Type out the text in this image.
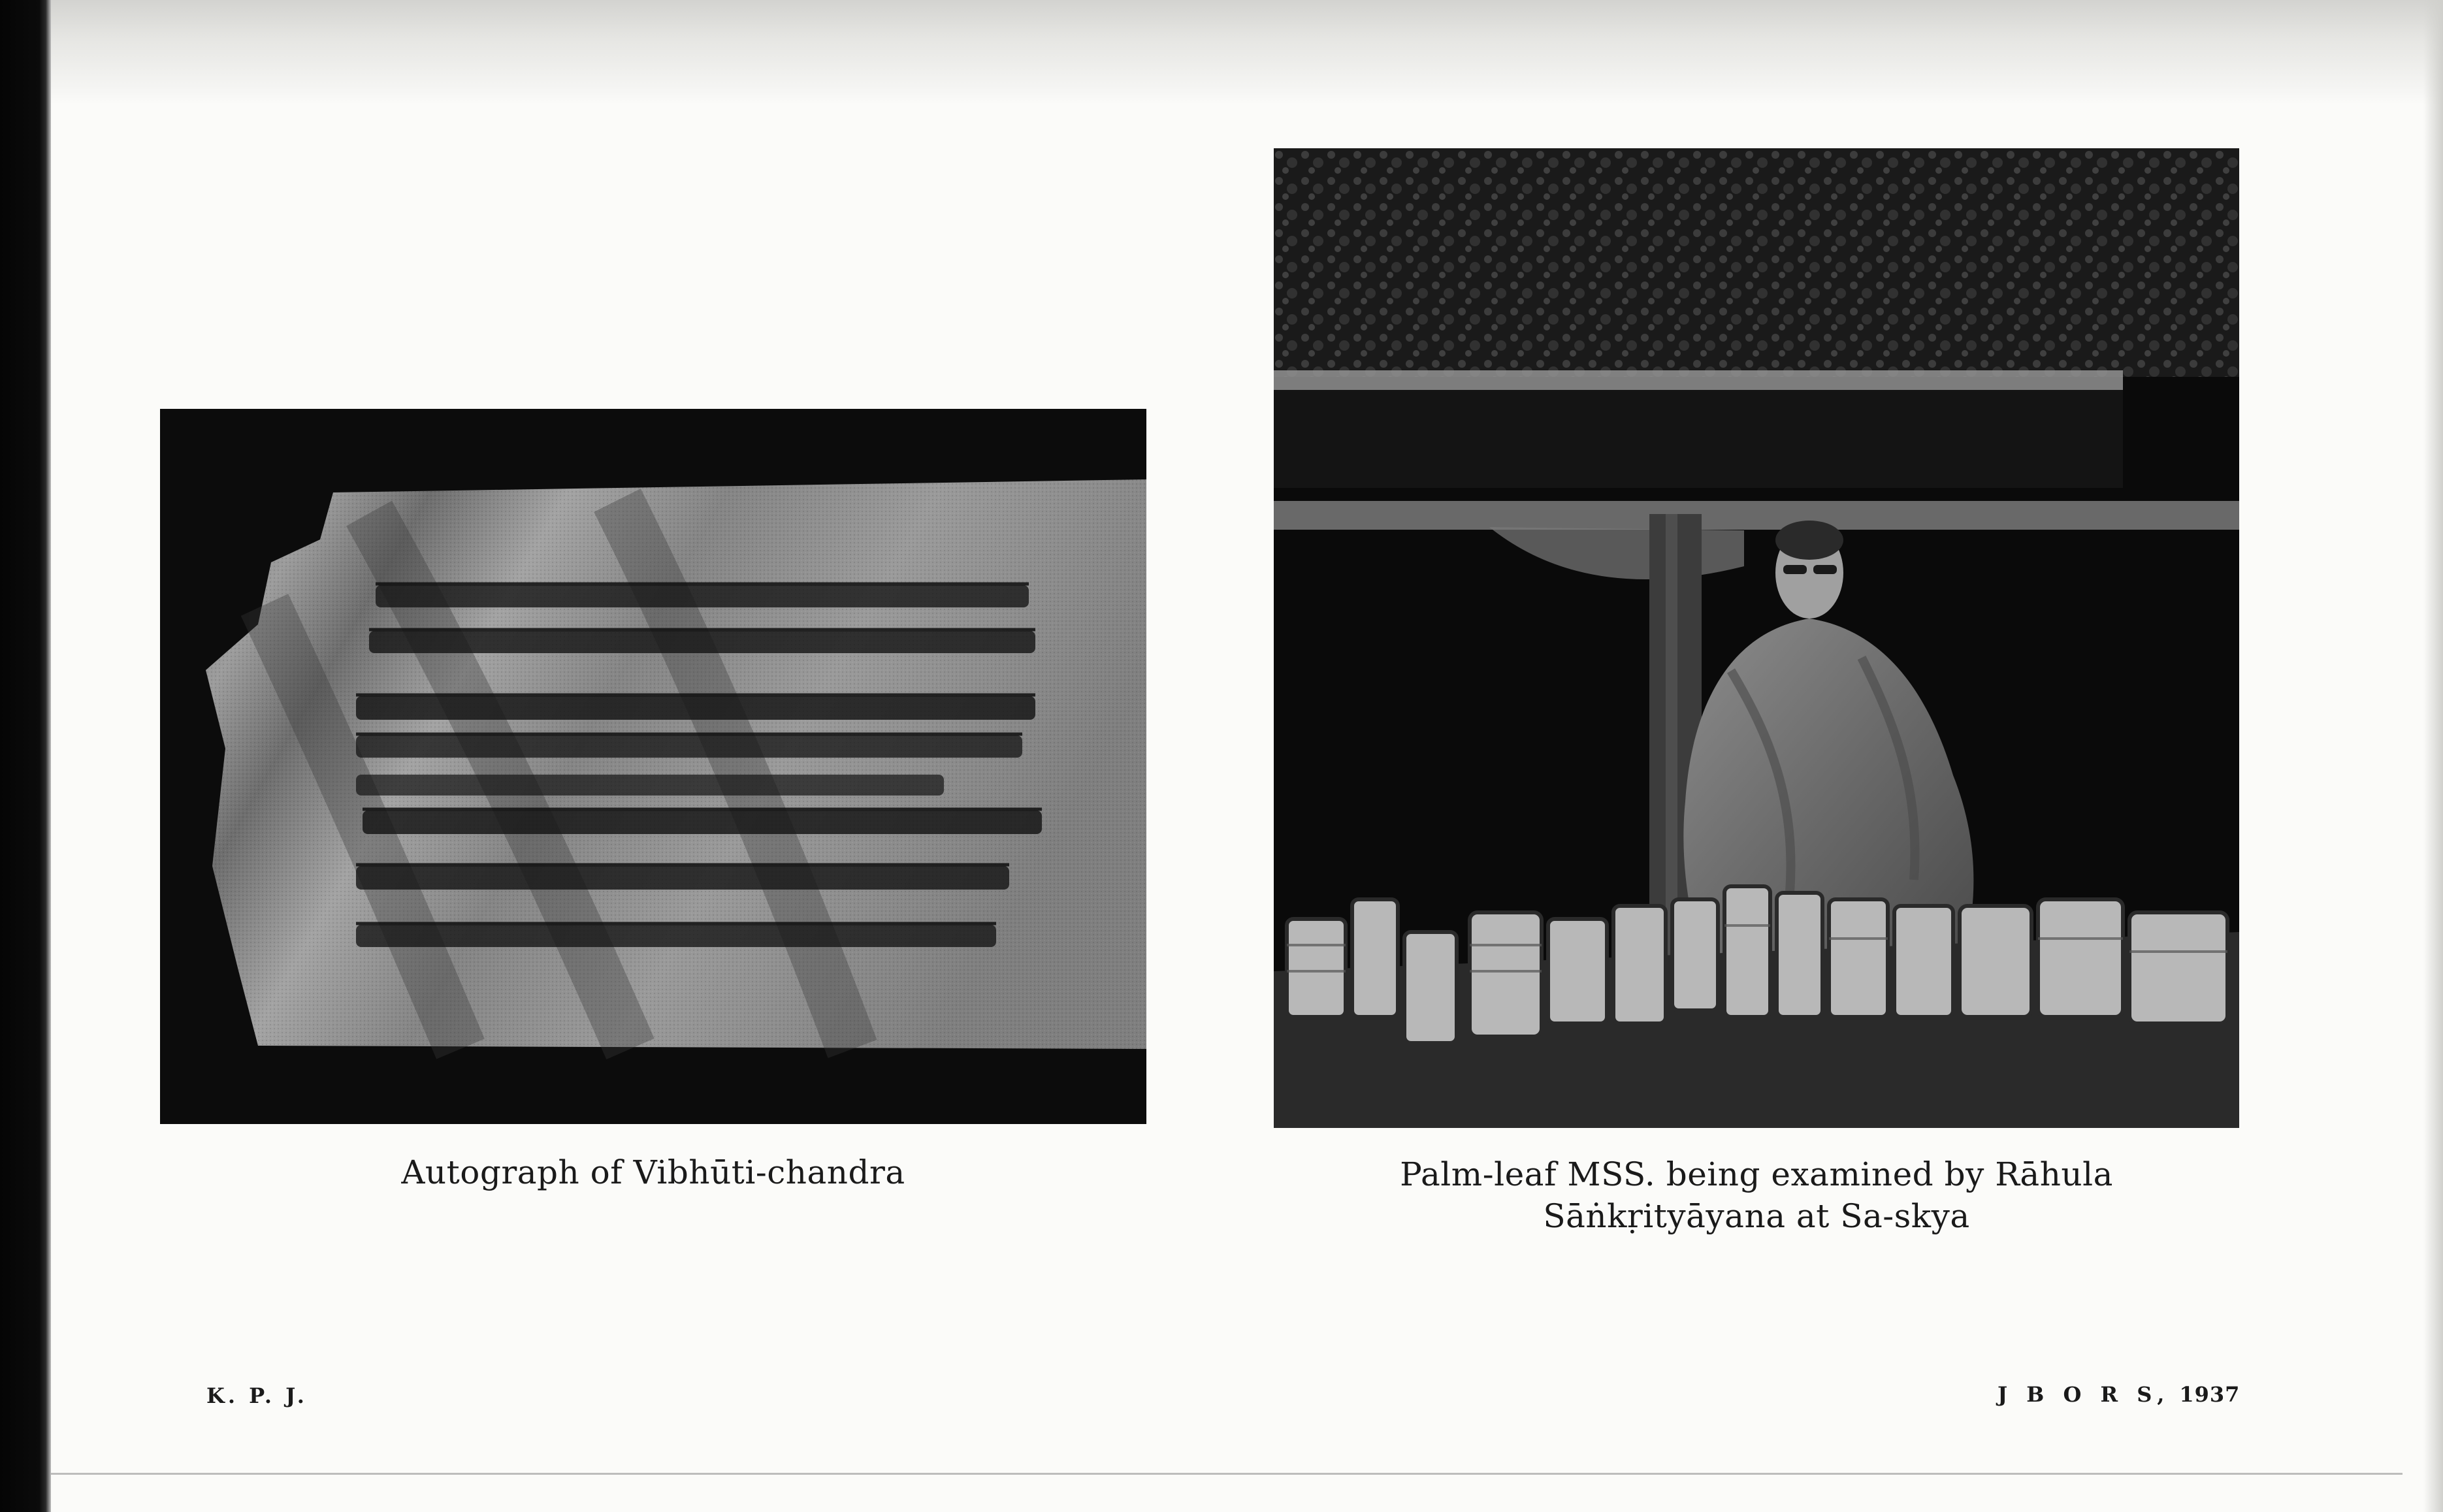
Autograph of Vibhūti-chandra	Palm-leaf MSS. being examined by Rāhula
Sāṅkṛityāyana at Sa-skya
K. P. J.	J B O R S, 1937
